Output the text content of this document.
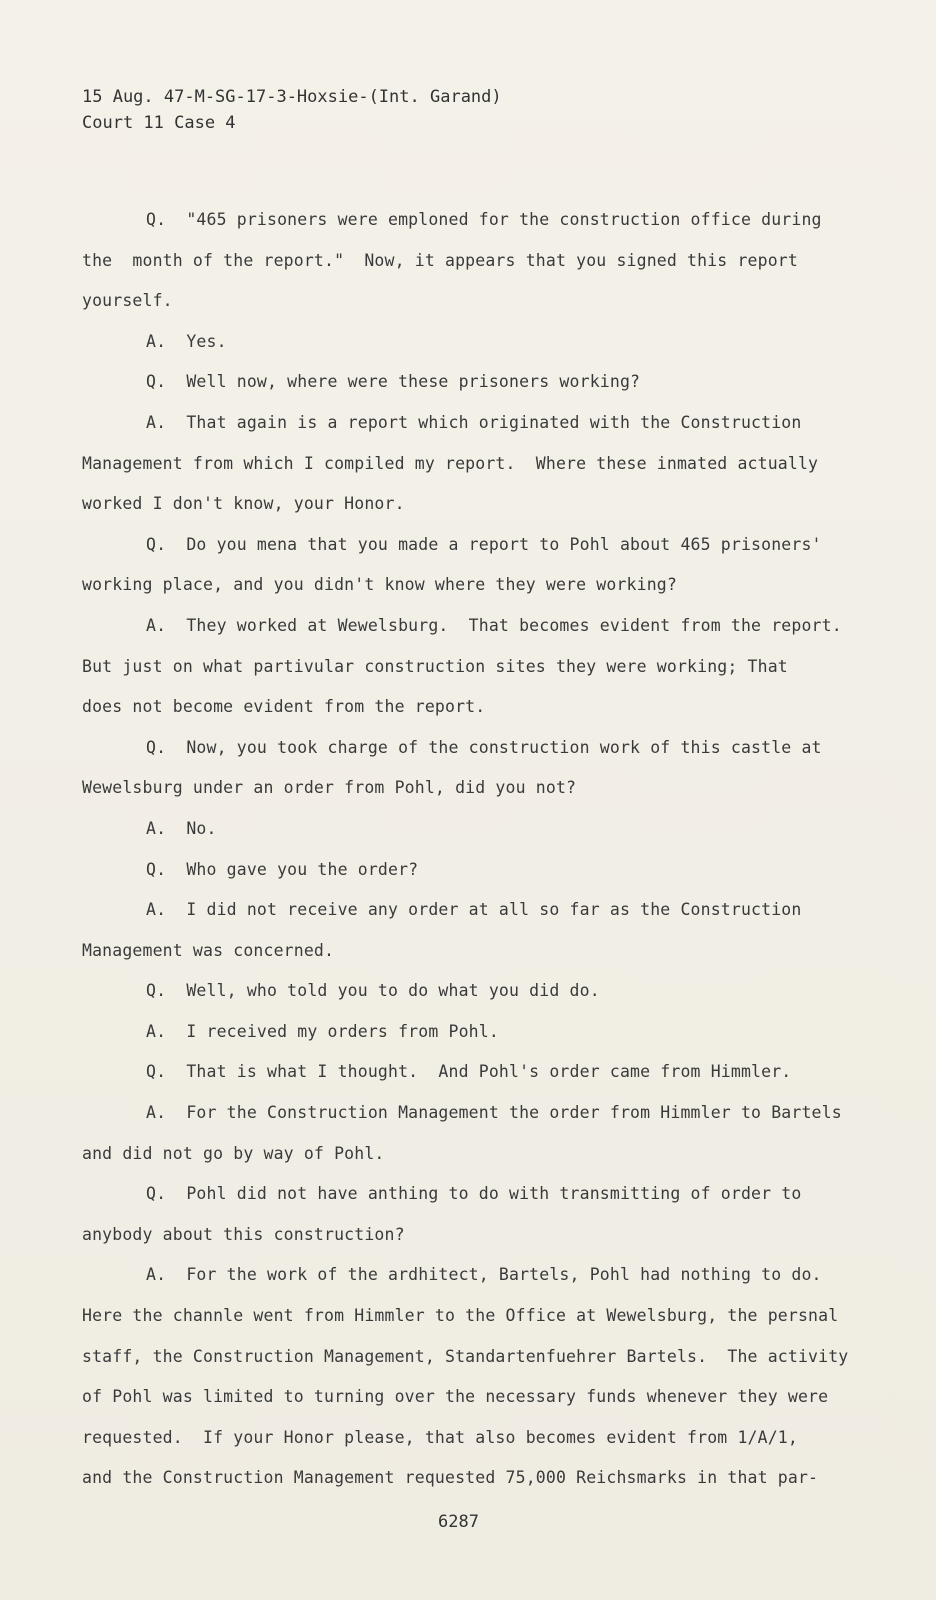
15 Aug. 47-M-SG-17-3-Hoxsie-(Int. Garand)
Court 11 Case 4
Q.  "465 prisoners were emploned for the construction office during
the  month of the report."  Now, it appears that you signed this report
yourself.
A.  Yes.
Q.  Well now, where were these prisoners working?
A.  That again is a report which originated with the Construction
Management from which I compiled my report.  Where these inmated actually
worked I don't know, your Honor.
Q.  Do you mena that you made a report to Pohl about 465 prisoners'
working place, and you didn't know where they were working?
A.  They worked at Wewelsburg.  That becomes evident from the report.
But just on what partivular construction sites they were working; That
does not become evident from the report.
Q.  Now, you took charge of the construction work of this castle at
Wewelsburg under an order from Pohl, did you not?
A.  No.
Q.  Who gave you the order?
A.  I did not receive any order at all so far as the Construction
Management was concerned.
Q.  Well, who told you to do what you did do.
A.  I received my orders from Pohl.
Q.  That is what I thought.  And Pohl's order came from Himmler.
A.  For the Construction Management the order from Himmler to Bartels
and did not go by way of Pohl.
Q.  Pohl did not have anthing to do with transmitting of order to
anybody about this construction?
A.  For the work of the ardhitect, Bartels, Pohl had nothing to do.
Here the channle went from Himmler to the Office at Wewelsburg, the persnal
staff, the Construction Management, Standartenfuehrer Bartels.  The activity
of Pohl was limited to turning over the necessary funds whenever they were
requested.  If your Honor please, that also becomes evident from 1/A/1,
and the Construction Management requested 75,000 Reichsmarks in that par-
6287
